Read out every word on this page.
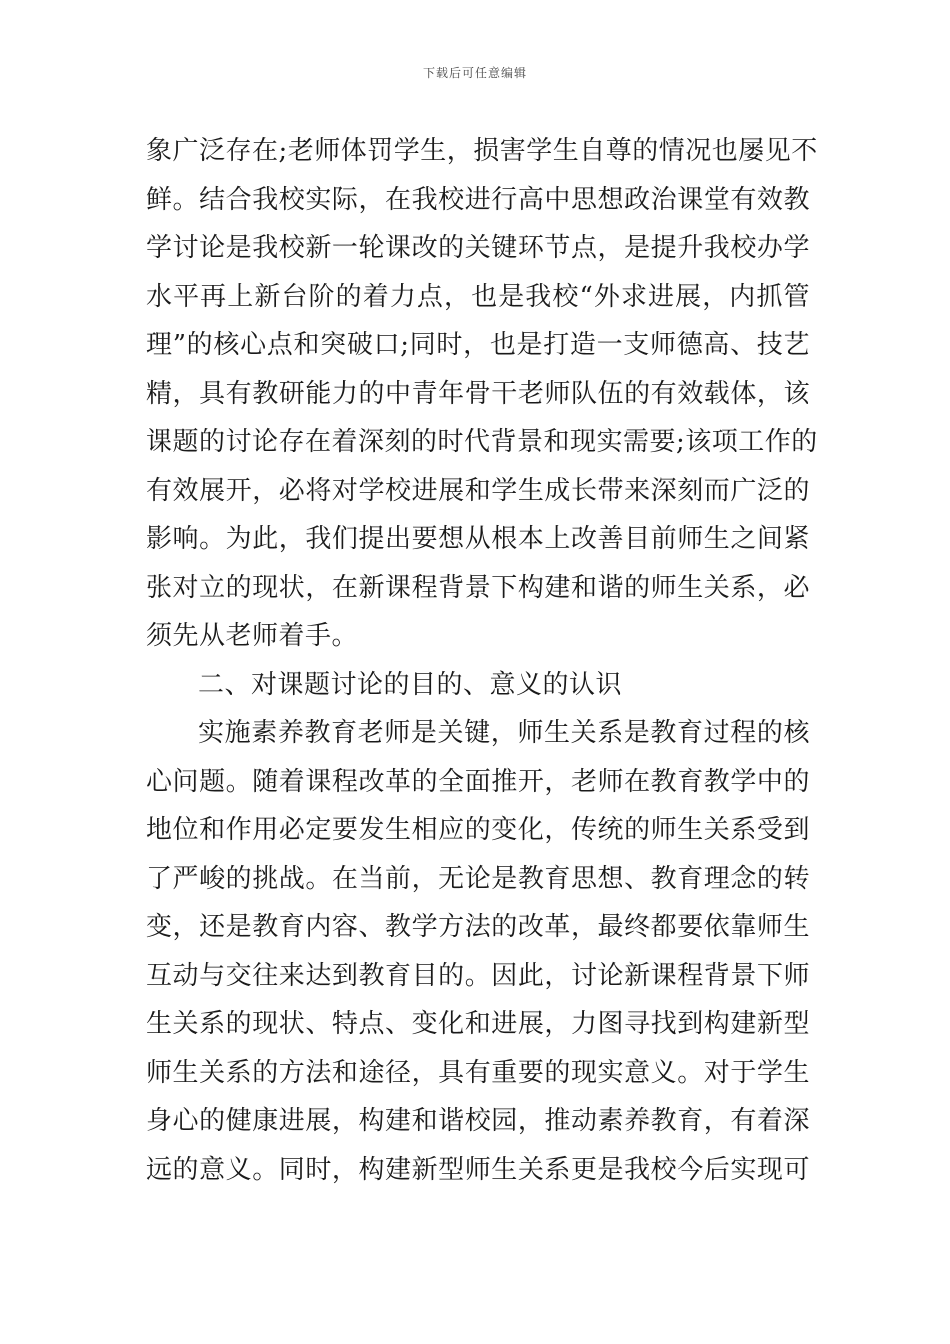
下载后可任意编辑
象广泛存在;老师体罚学生，损害学生自尊的情况也屡见不
鲜。结合我校实际，在我校进行高中思想政治课堂有效教
学讨论是我校新一轮课改的关键环节点，是提升我校办学
水平再上新台阶的着力点，也是我校“外求进展，内抓管
理”的核心点和突破口;同时，也是打造一支师德高、技艺
精，具有教研能力的中青年骨干老师队伍的有效载体，该
课题的讨论存在着深刻的时代背景和现实需要;该项工作的
有效展开，必将对学校进展和学生成长带来深刻而广泛的
影响。为此，我们提出要想从根本上改善目前师生之间紧
张对立的现状，在新课程背景下构建和谐的师生关系，必
须先从老师着手。
二、对课题讨论的目的、意义的认识
实施素养教育老师是关键，师生关系是教育过程的核
心问题。随着课程改革的全面推开，老师在教育教学中的
地位和作用必定要发生相应的变化，传统的师生关系受到
了严峻的挑战。在当前，无论是教育思想、教育理念的转
变，还是教育内容、教学方法的改革，最终都要依靠师生
互动与交往来达到教育目的。因此，讨论新课程背景下师
生关系的现状、特点、变化和进展，力图寻找到构建新型
师生关系的方法和途径，具有重要的现实意义。对于学生
身心的健康进展，构建和谐校园，推动素养教育，有着深
远的意义。同时，构建新型师生关系更是我校今后实现可
